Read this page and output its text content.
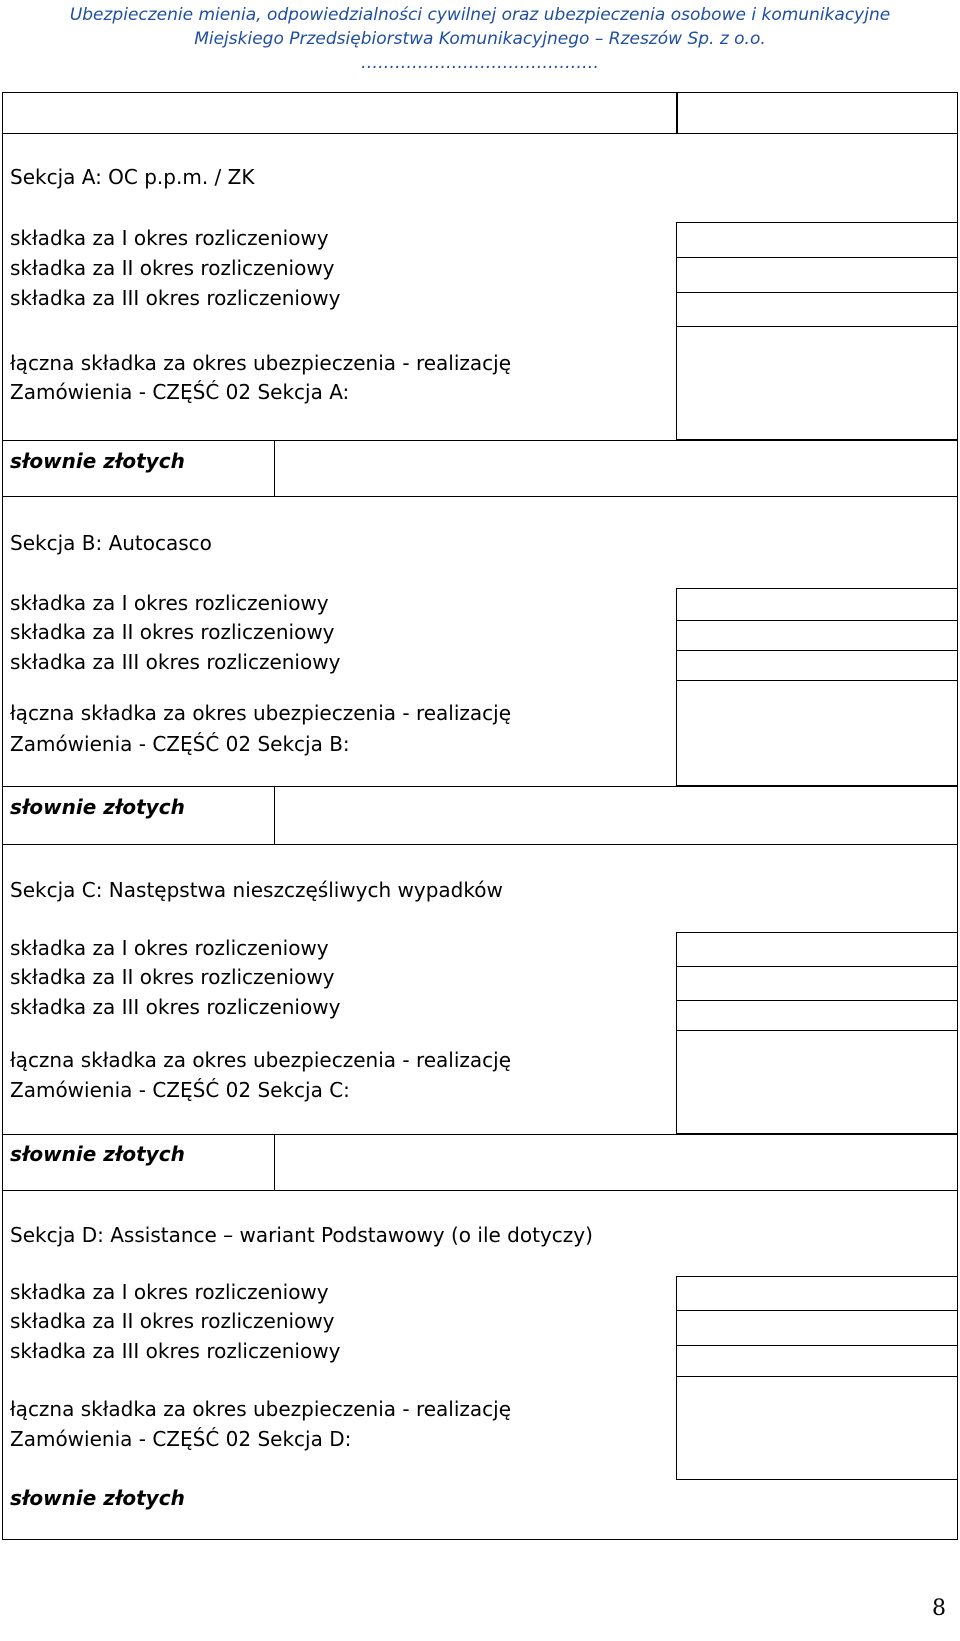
Ubezpieczenie mienia, odpowiedzialności cywilnej oraz ubezpieczenia osobowe i komunikacyjne
Miejskiego Przedsiębiorstwa Komunikacyjnego – Rzeszów Sp. z o.o.
……………………………………
Sekcja A: OC p.p.m. / ZK
składka za I okres rozliczeniowy
składka za II okres rozliczeniowy
składka za III okres rozliczeniowy
łączna składka za okres ubezpieczenia - realizację
Zamówienia - CZĘŚĆ 02 Sekcja A:
słownie złotych
Sekcja B: Autocasco
składka za I okres rozliczeniowy
składka za II okres rozliczeniowy
składka za III okres rozliczeniowy
łączna składka za okres ubezpieczenia - realizację
Zamówienia - CZĘŚĆ 02 Sekcja B:
słownie złotych
Sekcja C: Następstwa nieszczęśliwych wypadków
składka za I okres rozliczeniowy
składka za II okres rozliczeniowy
składka za III okres rozliczeniowy
łączna składka za okres ubezpieczenia - realizację
Zamówienia - CZĘŚĆ 02 Sekcja C:
słownie złotych
Sekcja D: Assistance – wariant Podstawowy (o ile dotyczy)
składka za I okres rozliczeniowy
składka za II okres rozliczeniowy
składka za III okres rozliczeniowy
łączna składka za okres ubezpieczenia - realizację
Zamówienia - CZĘŚĆ 02 Sekcja D:
słownie złotych
8
